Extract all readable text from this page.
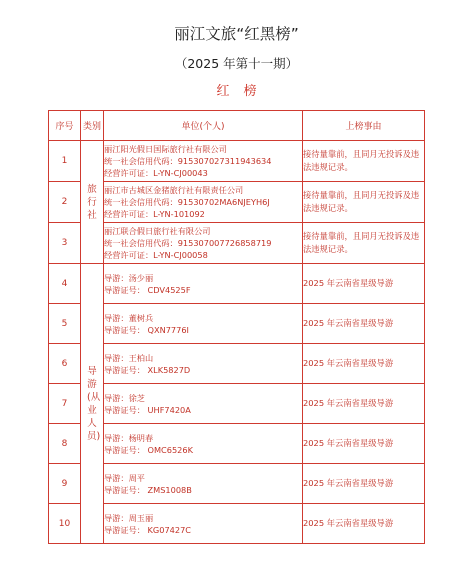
丽江文旅“红黑榜”
（2025 年第十一期）
红榜
序号	类别	单位(个人)	上榜事由
1	旅行社	丽江阳光假日国际旅行社有限公司
统一社会信用代码：915307027311943634
经营许可证：L-YN-CJ00043	接待量靠前，且同月无投诉及违法违规记录。
2		丽江市古城区金猪旅行社有限责任公司
统一社会信用代码：91530702MA6NJEYH6J
经营许可证：L-YN-101092	接待量靠前，且同月无投诉及违法违规记录。
3		丽江联合假日旅行社有限公司
统一社会信用代码：915307007726858719
经营许可证：L-YN-CJ00058	接待量靠前，且同月无投诉及违法违规记录。
4	导游(从业人员)	导游：汤少丽
导游证号： CDV4525F	2025 年云南省星级导游
5		导游：董树兵
导游证号： QXN7776I	2025 年云南省星级导游
6		导游：王柏山
导游证号： XLK5827D	2025 年云南省星级导游
7		导游：徐芝
导游证号： UHF7420A	2025 年云南省星级导游
8		导游：杨明春
导游证号： OMC6526K	2025 年云南省星级导游
9		导游：周平
导游证号： ZMS1008B	2025 年云南省星级导游
10		导游：周玉丽
导游证号： KG07427C	2025 年云南省星级导游
